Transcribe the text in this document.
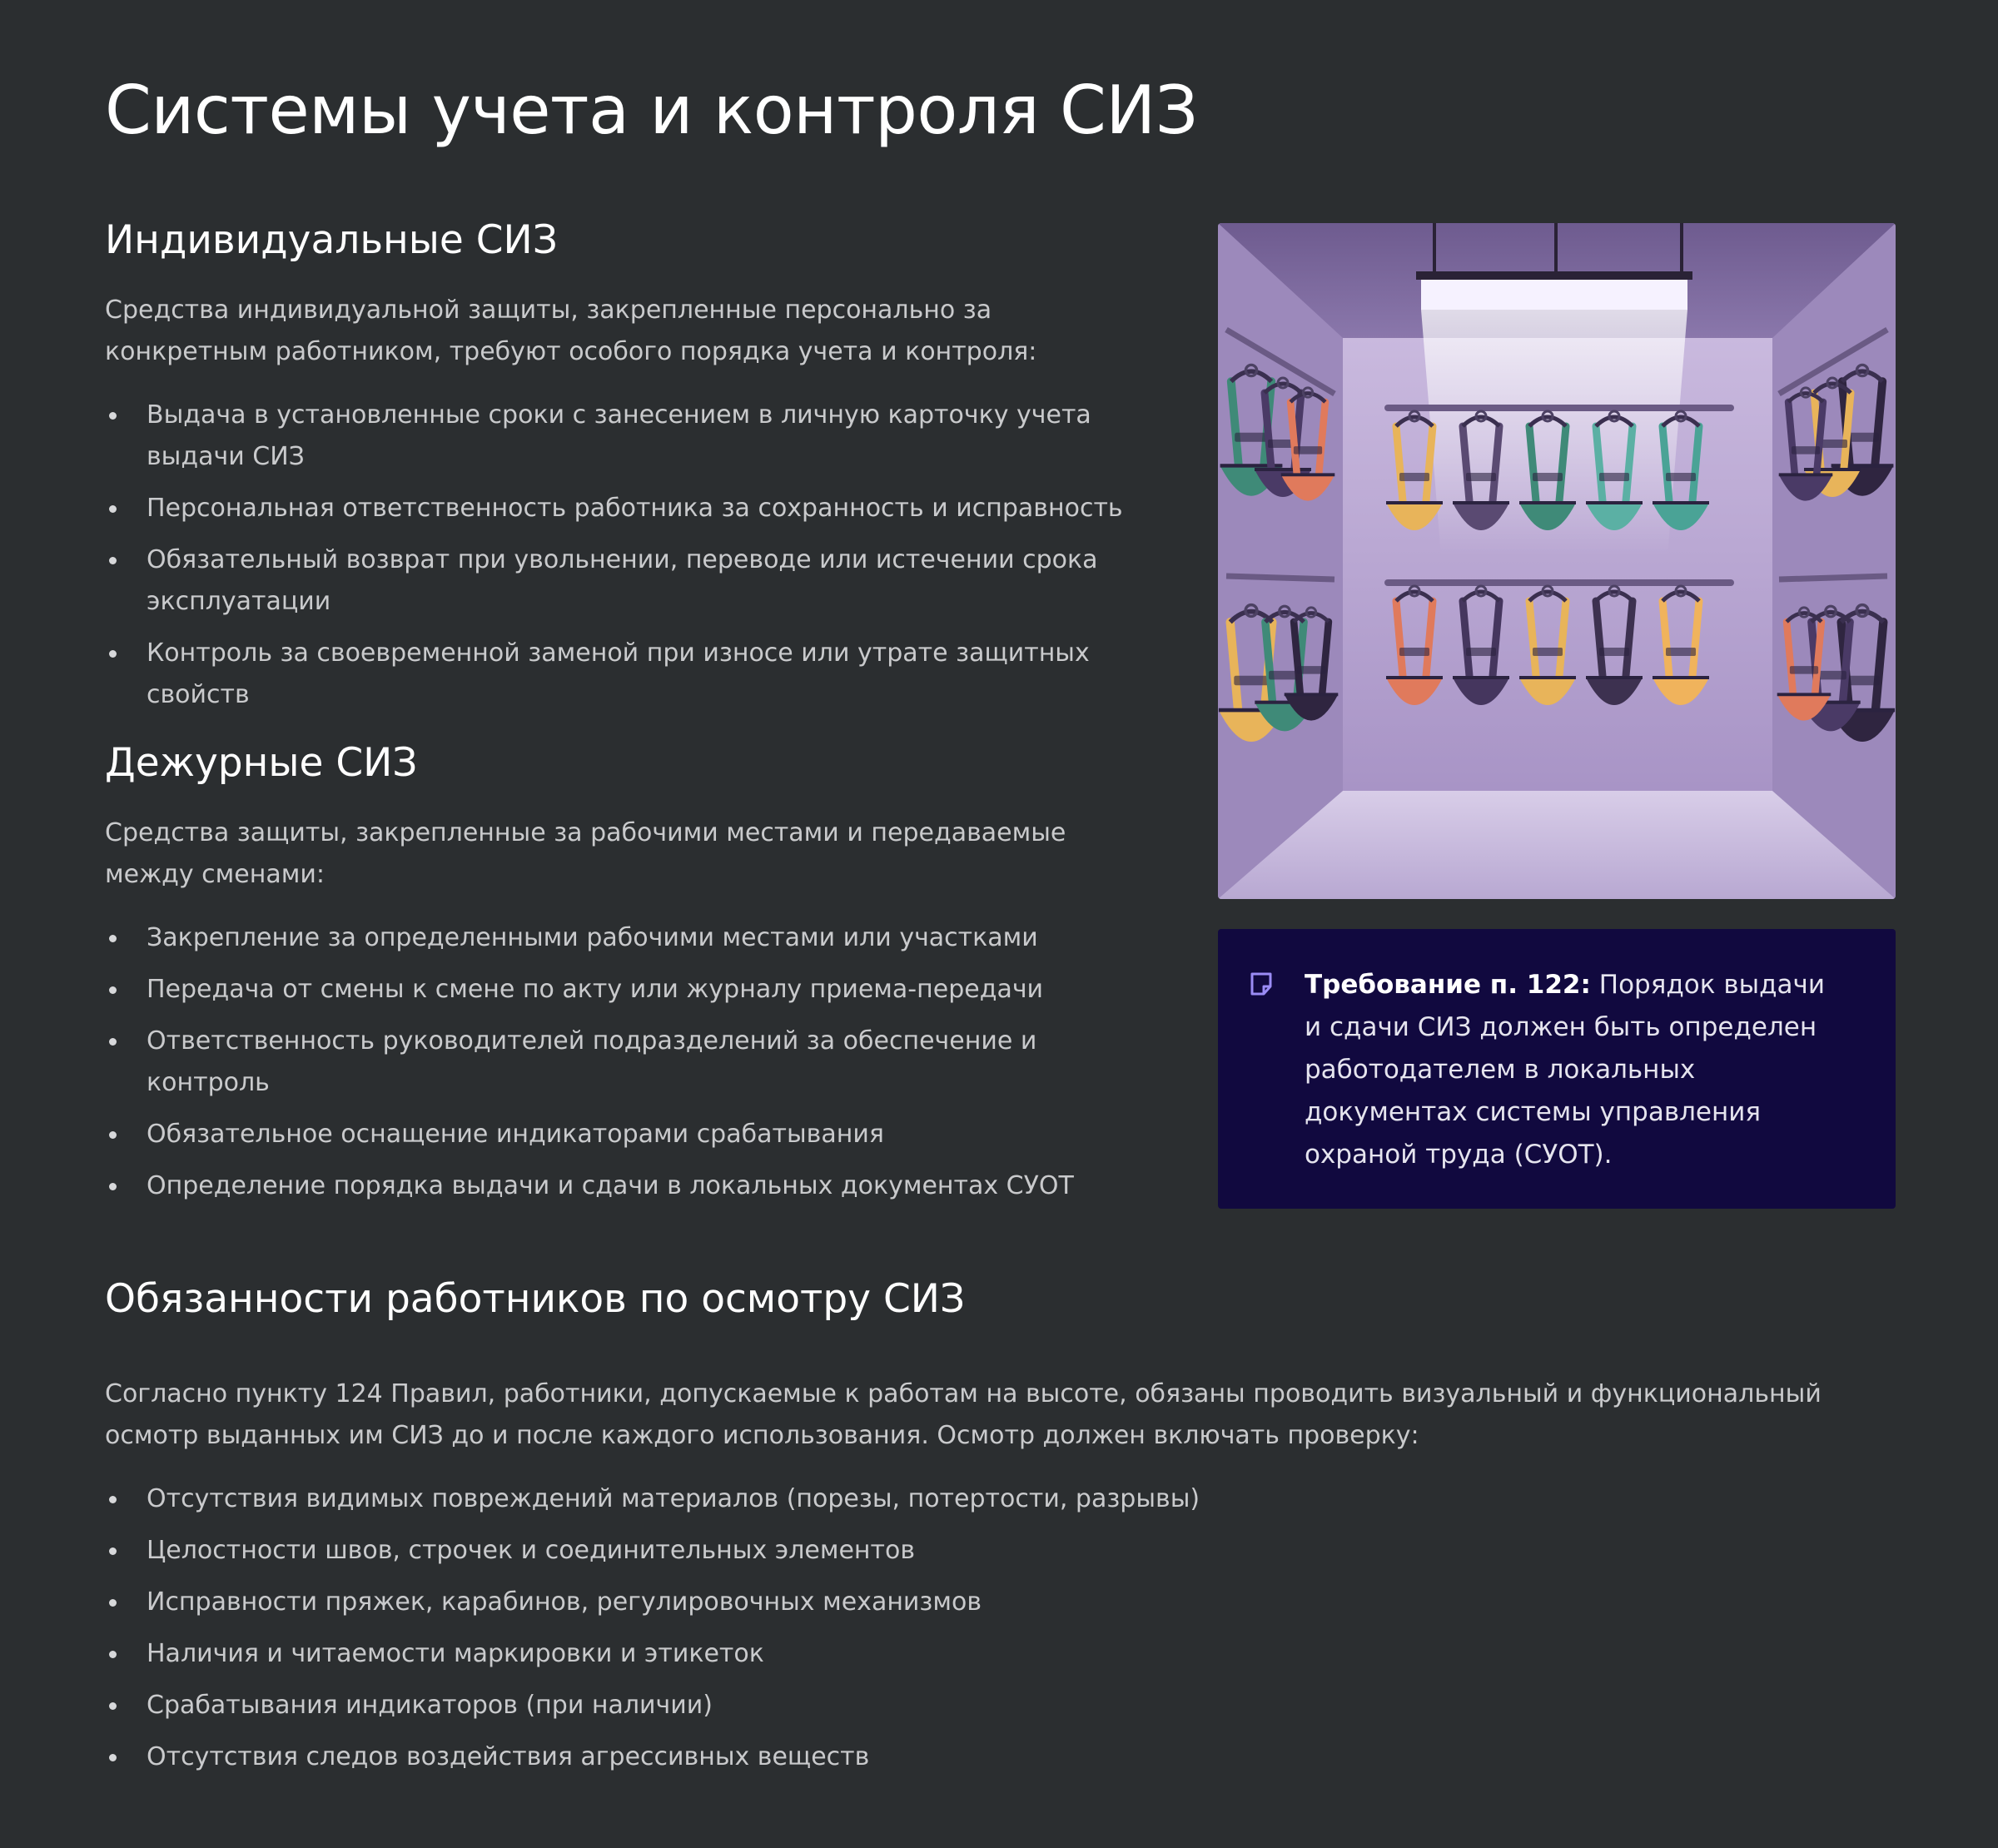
Системы учета и контроля СИЗ
Индивидуальные СИЗ

Средства индивидуальной защиты, закрепленные персонально за конкретным работником, требуют особого порядка учета и контроля:

Выдача в установленные сроки с занесением в личную карточку учета выдачи СИЗ
Персональная ответственность работника за сохранность и исправность
Обязательный возврат при увольнении, переводе или истечении срока эксплуатации
Контроль за своевременной заменой при износе или утрате защитных свойств
Дежурные СИЗ

Средства защиты, закрепленные за рабочими местами и передаваемые между сменами:

Закрепление за определенными рабочими местами или участками
Передача от смены к смене по акту или журналу приема-передачи
Ответственность руководителей подразделений за обеспечение и контроль
Обязательное оснащение индикаторами срабатывания
Определение порядка выдачи и сдачи в локальных документах СУОТ
Требование п. 122: Порядок выдачи и сдачи СИЗ должен быть определен работодателем в локальных документах системы управления охраной труда (СУОТ).
Обязанности работников по осмотру СИЗ

Согласно пункту 124 Правил, работники, допускаемые к работам на высоте, обязаны проводить визуальный и функциональный осмотр выданных им СИЗ до и после каждого использования. Осмотр должен включать проверку:

Отсутствия видимых повреждений материалов (порезы, потертости, разрывы)
Целостности швов, строчек и соединительных элементов
Исправности пряжек, карабинов, регулировочных механизмов
Наличия и читаемости маркировки и этикеток
Срабатывания индикаторов (при наличии)
Отсутствия следов воздействия агрессивных веществ
